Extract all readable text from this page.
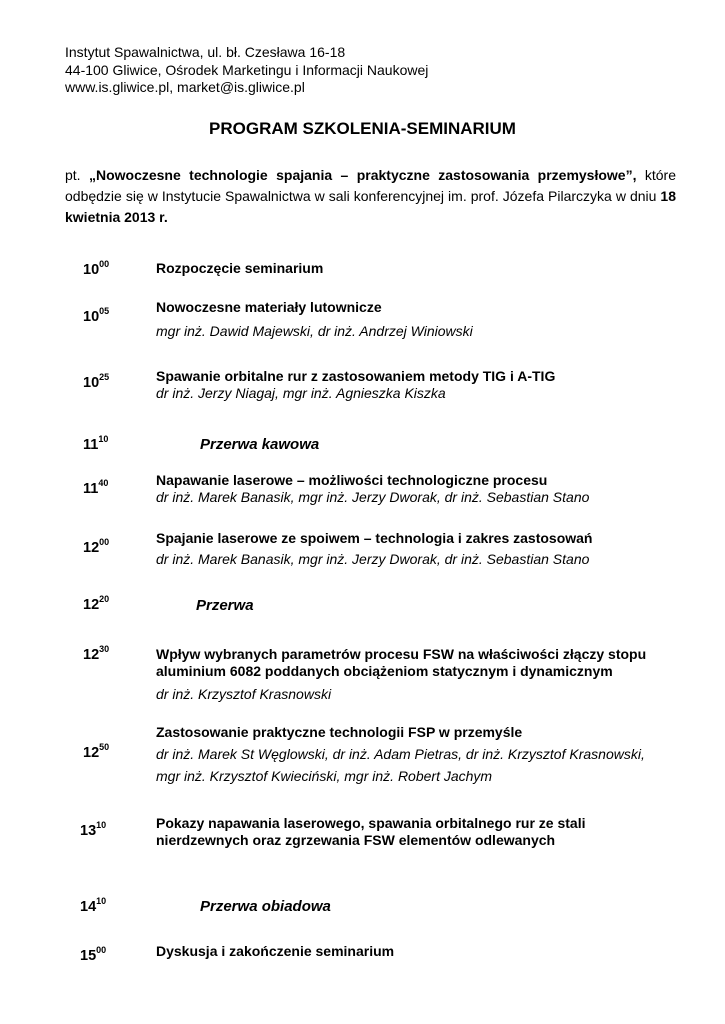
Instytut Spawalnictwa, ul. bł. Czesława 16-18
44-100 Gliwice, Ośrodek Marketingu i Informacji Naukowej
www.is.gliwice.pl, market@is.gliwice.pl
PROGRAM SZKOLENIA-SEMINARIUM
pt. „Nowoczesne technologie spajania – praktyczne zastosowania przemysłowe”, które odbędzie się w Instytucie Spawalnictwa w sali konferencyjnej im. prof. Józefa Pilarczyka w dniu 18 kwietnia 2013 r.
$10^{00}$	Rozpoczęcie seminarium
$10^{05}$	Nowoczesne materiały lutownicze
mgr inż. Dawid Majewski, dr inż. Andrzej Winiowski
$10^{25}$	Spawanie orbitalne rur z zastosowaniem metody TIG i A-TIG
dr inż. Jerzy Niagaj, mgr inż. Agnieszka Kiszka
$11^{10}$	Przerwa kawowa
$11^{40}$	Napawanie laserowe – możliwości technologiczne procesu
dr inż. Marek Banasik, mgr inż. Jerzy Dworak, dr inż. Sebastian Stano
$12^{00}$	Spajanie laserowe ze spoiwem – technologia i zakres zastosowań
dr inż. Marek Banasik, mgr inż. Jerzy Dworak, dr inż. Sebastian Stano
$12^{20}$	Przerwa
$12^{30}$	Wpływ wybranych parametrów procesu FSW na właściwości złączy stopu
aluminium 6082 poddanych obciążeniom statycznym i dynamicznym
dr inż. Krzysztof Krasnowski
$12^{50}$
Zastosowanie praktyczne technologii FSP w przemyśle
dr inż. Marek St Węglowski, dr inż. Adam Pietras, dr inż. Krzysztof Krasnowski,
mgr inż. Krzysztof Kwieciński, mgr inż. Robert Jachym
$13^{10}$	Pokazy napawania laserowego, spawania orbitalnego rur ze stali
nierdzewnych oraz zgrzewania FSW elementów odlewanych
$14^{10}$	Przerwa obiadowa
$15^{00}$	Dyskusja i zakończenie seminarium
